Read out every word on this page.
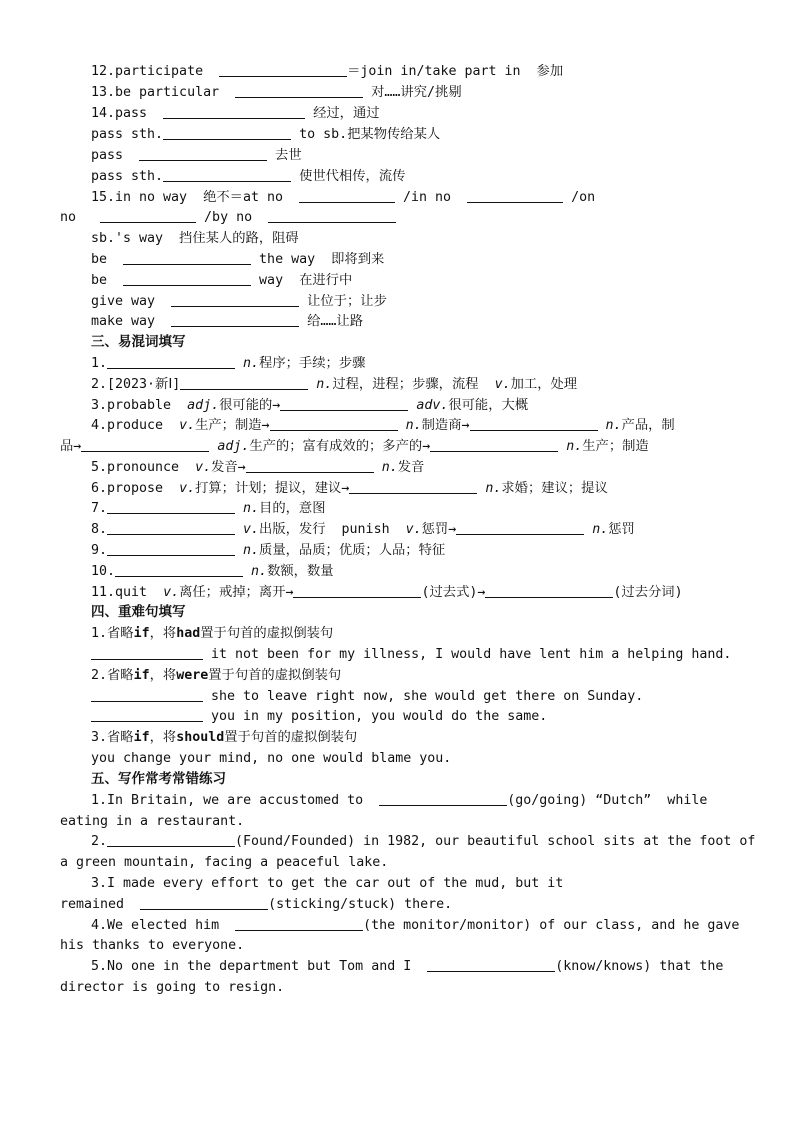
12.participate	＝join in/take part in  参加
13.be particular	对……讲究/挑剔
14.pass	经过，通过
pass sth.	to sb.把某物传给某人
pass	去世
pass sth.	使世代相传，流传
15.in no way  绝不＝at no	/in no	/on
no	/by no
sb.'s way  挡住某人的路，阻碍
be	the way  即将到来
be	way  在进行中
give way	让位于；让步
make way	给……让路
三、易混词填写
1.	n.程序；手续；步骤
2.[2023·新Ⅰ]	n.过程，进程；步骤，流程  v.加工，处理
3.probable  adj.很可能的→	adv.很可能，大概
4.produce  v.生产；制造→	n.制造商→	n.产品，制
品→	adj.生产的；富有成效的；多产的→	n.生产；制造
5.pronounce  v.发音→	n.发音
6.propose  v.打算；计划；提议，建议→	n.求婚；建议；提议
7.	n.目的，意图
8.	v.出版，发行  punish  v.惩罚→	n.惩罚
9.	n.质量，品质；优质；人品；特征
10.	n.数额，数量
11.quit  v.离任；戒掉；离开→	(过去式)→	(过去分词)
四、重难句填写
1.省略if，将had置于句首的虚拟倒装句
it not been for my illness, I would have lent him a helping hand.
2.省略if，将were置于句首的虚拟倒装句
she to leave right now, she would get there on Sunday.
you in my position, you would do the same.
3.省略if，将should置于句首的虚拟倒装句
you change your mind, no one would blame you.
五、写作常考常错练习
1.In Britain, we are accustomed to	(go/going) “Dutch”  while
eating in a restaurant.
2.	(Found/Founded) in 1982, our beautiful school sits at the foot of
a green mountain, facing a peaceful lake.
3.I made every effort to get the car out of the mud, but it
remained	(sticking/stuck) there.
4.We elected him	(the monitor/monitor) of our class, and he gave
his thanks to everyone.
5.No one in the department but Tom and I	(know/knows) that the
director is going to resign.
